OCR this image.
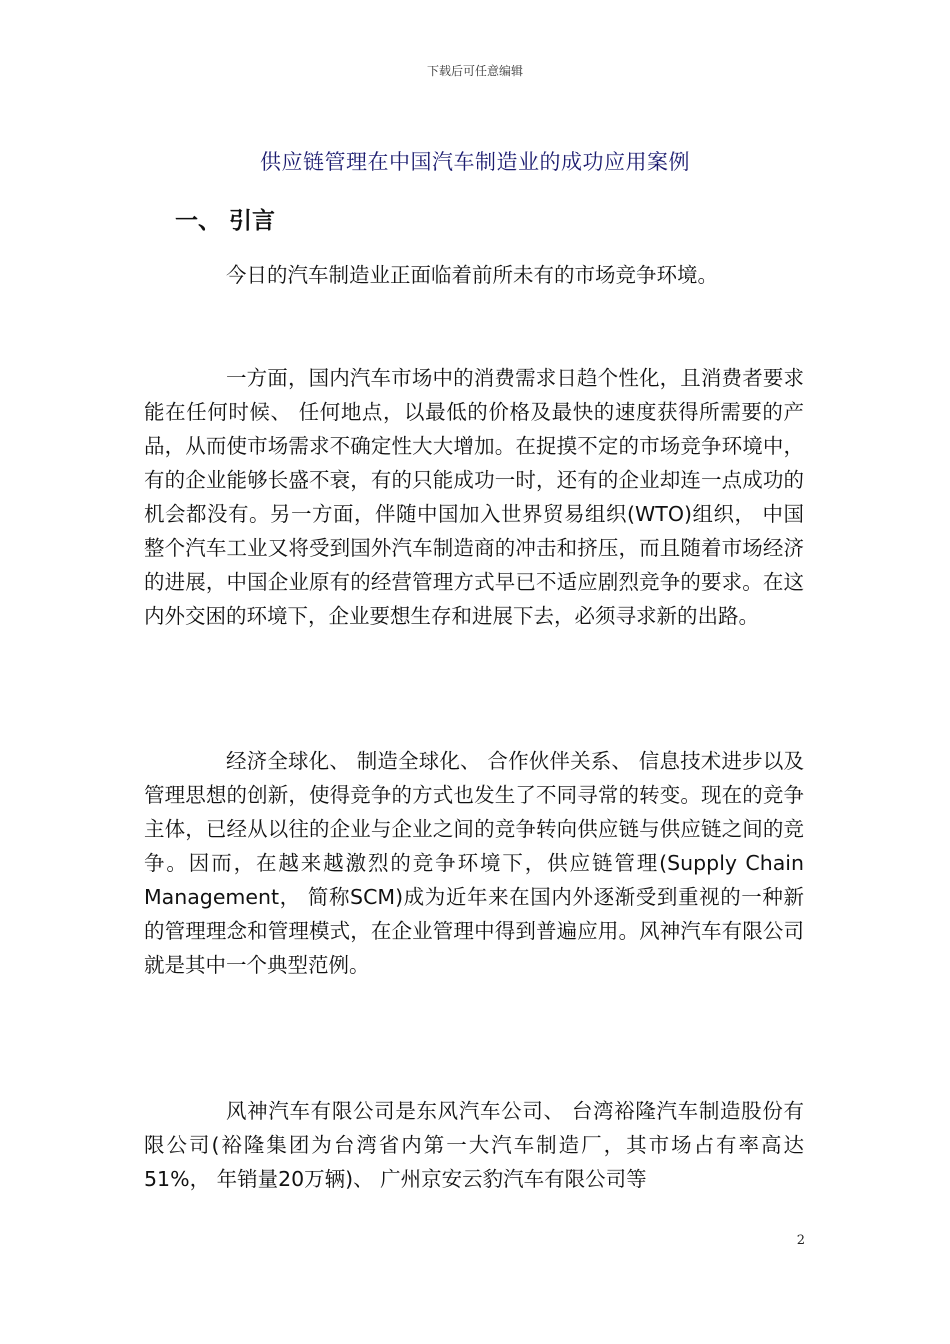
下载后可任意编辑
供应链管理在中国汽车制造业的成功应用案例
一、 引言

今日的汽车制造业正面临着前所未有的市场竞争环境。

一方面，国内汽车市场中的消费需求日趋个性化，且消费者要求能在任何时候、 任何地点，以最低的价格及最快的速度获得所需要的产品，从而使市场需求不确定性大大增加。在捉摸不定的市场竞争环境中，有的企业能够长盛不衰，有的只能成功一时，还有的企业却连一点成功的机会都没有。另一方面，伴随中国加入世界贸易组织(WTO)组织， 中国整个汽车工业又将受到国外汽车制造商的冲击和挤压，而且随着市场经济的进展，中国企业原有的经营管理方式早已不适应剧烈竞争的要求。在这内外交困的环境下，企业要想生存和进展下去，必须寻求新的出路。

经济全球化、 制造全球化、 合作伙伴关系、 信息技术进步以及管理思想的创新，使得竞争的方式也发生了不同寻常的转变。现在的竞争主体，已经从以往的企业与企业之间的竞争转向供应链与供应链之间的竞争。因而，在越来越激烈的竞争环境下，供应链管理(Supply Chain Management， 简称SCM)成为近年来在国内外逐渐受到重视的一种新的管理理念和管理模式，在企业管理中得到普遍应用。风神汽车有限公司就是其中一个典型范例。

风神汽车有限公司是东风汽车公司、 台湾裕隆汽车制造股份有限公司(裕隆集团为台湾省内第一大汽车制造厂，其市场占有率高达51%， 年销量20万辆)、 广州京安云豹汽车有限公司等

2
